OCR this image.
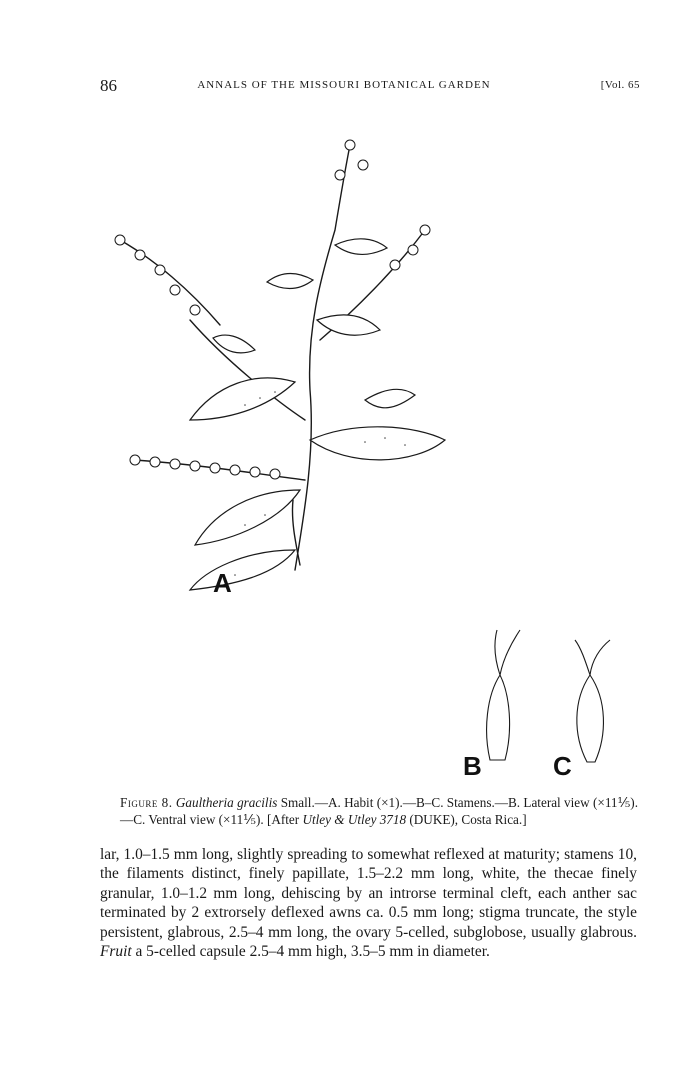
86	ANNALS OF THE MISSOURI BOTANICAL GARDEN	[Vol. 65
A
B	C
Figure 8. Gaultheria gracilis Small.—A. Habit (×1).—B–C. Stamens.—B. Lateral view (×11⅕).—C. Ventral view (×11⅕). [After Utley & Utley 3718 (DUKE), Costa Rica.]

lar, 1.0–1.5 mm long, slightly spreading to somewhat reflexed at maturity; stamens 10, the filaments distinct, finely papillate, 1.5–2.2 mm long, white, the thecae finely granular, 1.0–1.2 mm long, dehiscing by an introrse terminal cleft, each anther sac terminated by 2 extrorsely deflexed awns ca. 0.5 mm long; stigma truncate, the style persistent, glabrous, 2.5–4 mm long, the ovary 5-celled, subglobose, usually glabrous. Fruit a 5-celled capsule 2.5–4 mm high, 3.5–5 mm in diameter.
